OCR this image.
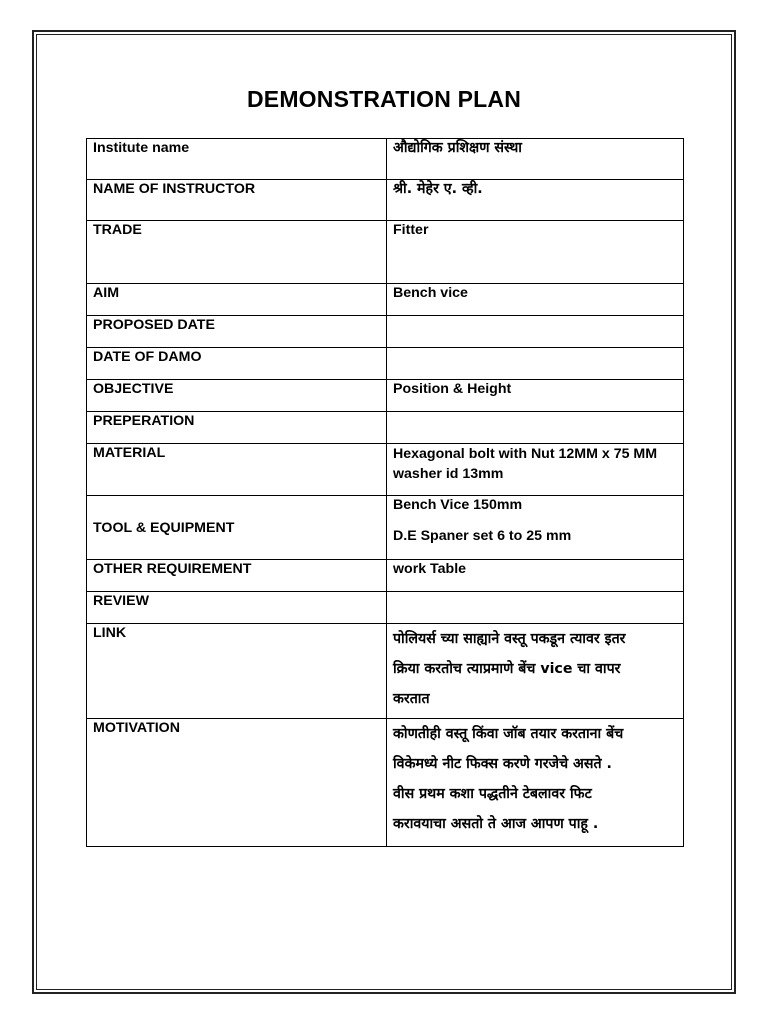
DEMONSTRATION PLAN
Institute name	औद्योगिक प्रशिक्षण संस्था
NAME OF INSTRUCTOR	श्री. मेहेर ए. व्ही.
TRADE	Fitter
AIM	Bench vice
PROPOSED DATE	
DATE OF DAMO	
OBJECTIVE	Position & Height
PREPERATION	
MATERIAL	Hexagonal bolt with Nut 12MM x 75 MM washer id 13mm
TOOL & EQUIPMENT	Bench Vice 150mm
D.E Spaner set 6 to 25 mm

OTHER REQUIREMENT	work Table
REVIEW	
LINK	पोलियर्स च्या साह्याने वस्तू पकडून त्यावर इतर
क्रिया करतोच त्याप्रमाणे बेंच vice चा वापर
करतात

MOTIVATION	कोणतीही वस्तू किंवा जॉब तयार करताना बेंच
विकेमध्ये नीट फिक्स करणे गरजेचे असते .
वीस प्रथम कशा पद्धतीने टेबलावर फिट
करावयाचा असतो ते आज आपण पाहू .
